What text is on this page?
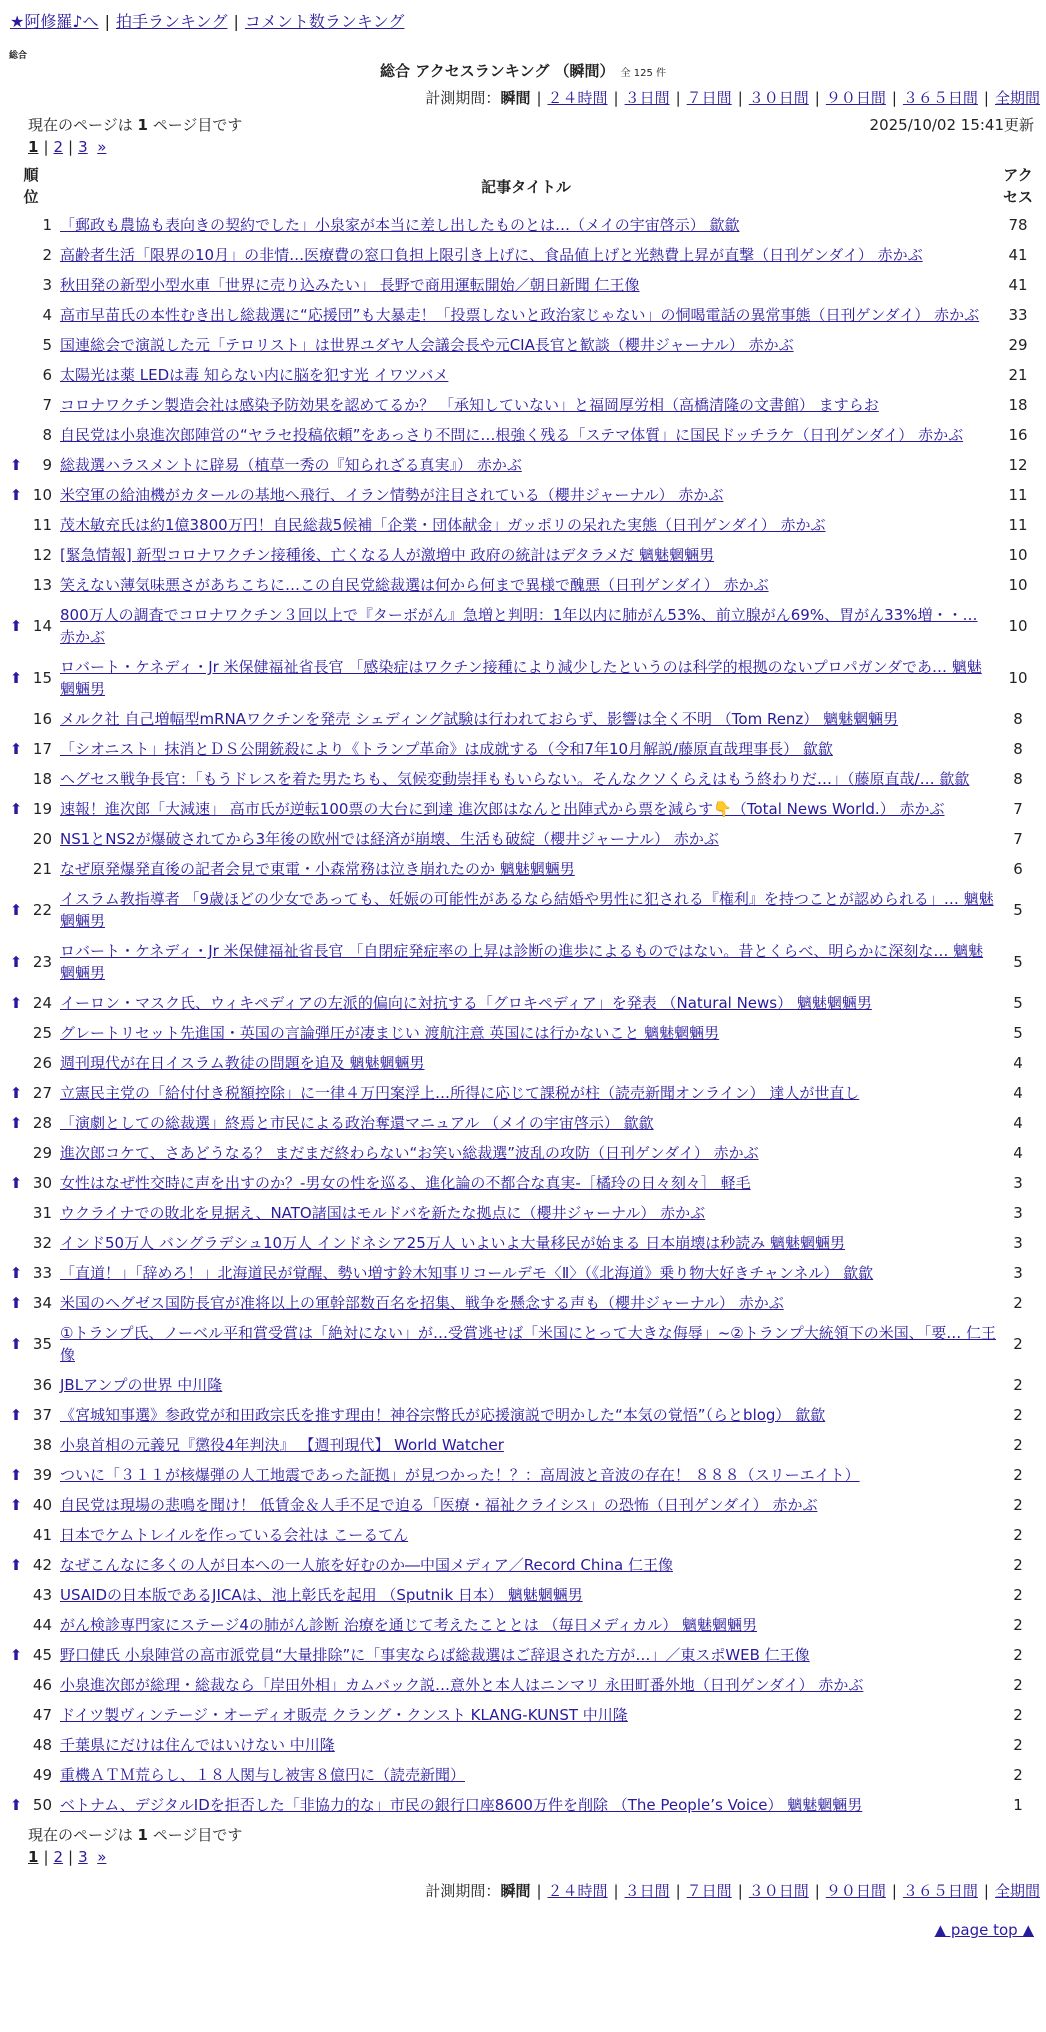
★阿修羅♪へ | 拍手ランキング | コメント数ランキング
総合
総合 アクセスランキング （瞬間） 全 125 件
計測期間：瞬間 | ２４時間 | ３日間 | ７日間 | ３０日間 | ９０日間 | ３６５日間 | 全期間
現在のページは 1 ページ目です	2025/10/02 15:41更新
1 | 2 | 3 »
順位		記事タイトル	アクセス
	1	「郵政も農協も表向きの契約でした」小泉家が本当に差し出したものとは…（メイの宇宙啓示） 歙歙	78
	2	高齢者生活「限界の10月」の非情…医療費の窓口負担上限引き上げに、食品値上げと光熱費上昇が直撃（日刊ゲンダイ） 赤かぶ	41
	3	秋田発の新型小型水車「世界に売り込みたい」 長野で商用運転開始／朝日新聞 仁王像	41
	4	高市早苗氏の本性むき出し総裁選に“応援団”も大暴走！「投票しないと政治家じゃない」の恫喝電話の異常事態（日刊ゲンダイ） 赤かぶ	33
	5	国連総会で演説した元「テロリスト」は世界ユダヤ人会議会長や元CIA長官と歓談（櫻井ジャーナル） 赤かぶ	29
	6	太陽光は薬 LEDは毒 知らない内に脳を犯す光 イワツバメ	21
	7	コロナワクチン製造会社は感染予防効果を認めてるか？ 「承知していない」と福岡厚労相（高橋清隆の文書館） ますらお	18
	8	自民党は小泉進次郎陣営の“ヤラセ投稿依頼”をあっさり不問に…根強く残る「ステマ体質」に国民ドッチラケ（日刊ゲンダイ） 赤かぶ	16
⬆	9	総裁選ハラスメントに辟易（植草一秀の『知られざる真実』） 赤かぶ	12
⬆	10	米空軍の給油機がカタールの基地へ飛行、イラン情勢が注目されている（櫻井ジャーナル） 赤かぶ	11
	11	茂木敏充氏は約1億3800万円！自民総裁5候補「企業・団体献金」ガッポリの呆れた実態（日刊ゲンダイ） 赤かぶ	11
	12	[緊急情報] 新型コロナワクチン接種後、亡くなる人が激増中 政府の統計はデタラメだ 魑魅魍魎男	10
	13	笑えない薄気味悪さがあちこちに…この自民党総裁選は何から何まで異様で醜悪（日刊ゲンダイ） 赤かぶ	10
⬆	14	800万人の調査でコロナワクチン３回以上で『ターボがん』急増と判明：1年以内に肺がん53%、前立腺がん69%、胃がん33%増・・… 赤かぶ	10
⬆	15	ロバート・ケネディ・Jr 米保健福祉省長官 「感染症はワクチン接種により減少したというのは科学的根拠のないプロパガンダであ… 魑魅魍魎男	10
	16	メルク社 自己増幅型mRNAワクチンを発売 シェディング試験は行われておらず、影響は全く不明 （Tom Renz） 魑魅魍魎男	8
⬆	17	「シオニスト」抹消とＤＳ公開銃殺により《トランプ革命》は成就する（令和7年10月解説/藤原直哉理事長） 歙歙	8
	18	ヘグセス戦争長官：「もうドレスを着た男たちも、気候変動崇拝ももいらない。そんなクソくらえはもう終わりだ…」（藤原直哉/… 歙歙	8
⬆	19	速報！進次郎「大減速」 高市氏が逆転100票の大台に到達 進次郎はなんと出陣式から票を減らす👇（Total News World.） 赤かぶ	7
	20	NS1とNS2が爆破されてから3年後の欧州では経済が崩壊、生活も破綻（櫻井ジャーナル） 赤かぶ	7
	21	なぜ原発爆発直後の記者会見で東電・小森常務は泣き崩れたのか 魑魅魍魎男	6
⬆	22	イスラム教指導者 「9歳ほどの少女であっても、妊娠の可能性があるなら結婚や男性に犯される『権利』を持つことが認められる」… 魑魅魍魎男	5
⬆	23	ロバート・ケネディ・Jr 米保健福祉省長官 「自閉症発症率の上昇は診断の進歩によるものではない。昔とくらべ、明らかに深刻な… 魑魅魍魎男	5
⬆	24	イーロン・マスク氏、ウィキペディアの左派的偏向に対抗する「グロキペディア」を発表 （Natural News） 魑魅魍魎男	5
	25	グレートリセット先進国・英国の言論弾圧が凄まじい 渡航注意 英国には行かないこと 魑魅魍魎男	5
	26	週刊現代が在日イスラム教徒の問題を追及 魑魅魍魎男	4
⬆	27	立憲民主党の「給付付き税額控除」に一律４万円案浮上…所得に応じて課税が柱（読売新聞オンライン） 達人が世直し	4
⬆	28	「演劇としての総裁選」終焉と市民による政治奪還マニュアル （メイの宇宙啓示） 歙歙	4
	29	進次郎コケて、さあどうなる？ まだまだ終わらない“お笑い総裁選”波乱の攻防（日刊ゲンダイ） 赤かぶ	4
⬆	30	女性はなぜ性交時に声を出すのか？-男女の性を巡る、進化論の不都合な真実-［橘玲の日々刻々］ 軽毛	3
	31	ウクライナでの敗北を見据え、NATO諸国はモルドバを新たな拠点に（櫻井ジャーナル） 赤かぶ	3
	32	インド50万人 バングラデシュ10万人 インドネシア25万人 いよいよ大量移民が始まる 日本崩壊は秒読み 魑魅魍魎男	3
⬆	33	「直道！」「辞めろ！」北海道民が覚醒、勢い増す鈴木知事リコールデモ〈Ⅱ〉（《北海道》乗り物大好きチャンネル） 歙歙	3
⬆	34	米国のヘグゼス国防長官が准将以上の軍幹部数百名を招集、戦争を懸念する声も（櫻井ジャーナル） 赤かぶ	2
⬆	35	①トランプ氏、ノーベル平和賞受賞は「絶対にない」が…受賞逃せば「米国にとって大きな侮辱」~②トランプ大統領下の米国、「要… 仁王像	2
	36	JBLアンプの世界 中川隆	2
⬆	37	《宮城知事選》参政党が和田政宗氏を推す理由！神谷宗幣氏が応援演説で明かした“本気の覚悟”（らとblog） 歙歙	2
	38	小泉首相の元義兄『懲役4年判決』 【週刊現代】 World Watcher	2
⬆	39	ついに「３１１が核爆弾の人工地震であった証拠」が見つかった！？：高周波と音波の存在！ ８８８（スリーエイト）	2
⬆	40	自民党は現場の悲鳴を聞け！ 低賃金＆人手不足で迫る「医療・福祉クライシス」の恐怖（日刊ゲンダイ） 赤かぶ	2
	41	日本でケムトレイルを作っている会社は こーるてん	2
⬆	42	なぜこんなに多くの人が日本への一人旅を好むのか―中国メディア／Record China 仁王像	2
	43	USAIDの日本版であるJICAは、池上彰氏を起用 （Sputnik 日本） 魑魅魍魎男	2
	44	がん検診専門家にステージ4の肺がん診断 治療を通じて考えたこととは （毎日メディカル） 魑魅魍魎男	2
⬆	45	野口健氏 小泉陣営の高市派党員“大量排除”に「事実ならば総裁選はご辞退された方が…」／東スポWEB 仁王像	2
	46	小泉進次郎が総理・総裁なら「岸田外相」カムバック説…意外と本人はニンマリ 永田町番外地（日刊ゲンダイ） 赤かぶ	2
	47	ドイツ製ヴィンテージ・オーディオ販売 クラング・クンスト KLANG-KUNST 中川隆	2
	48	千葉県にだけは住んではいけない 中川隆	2
	49	重機ＡＴＭ荒らし、１８人関与し被害８億円に（読売新聞）	2
⬆	50	ベトナム、デジタルIDを拒否した「非協力的な」市民の銀行口座8600万件を削除 （The People’s Voice） 魑魅魍魎男	1
現在のページは 1 ページ目です
1 | 2 | 3 »
計測期間：瞬間 | ２４時間 | ３日間 | ７日間 | ３０日間 | ９０日間 | ３６５日間 | 全期間
▲ page top ▲
